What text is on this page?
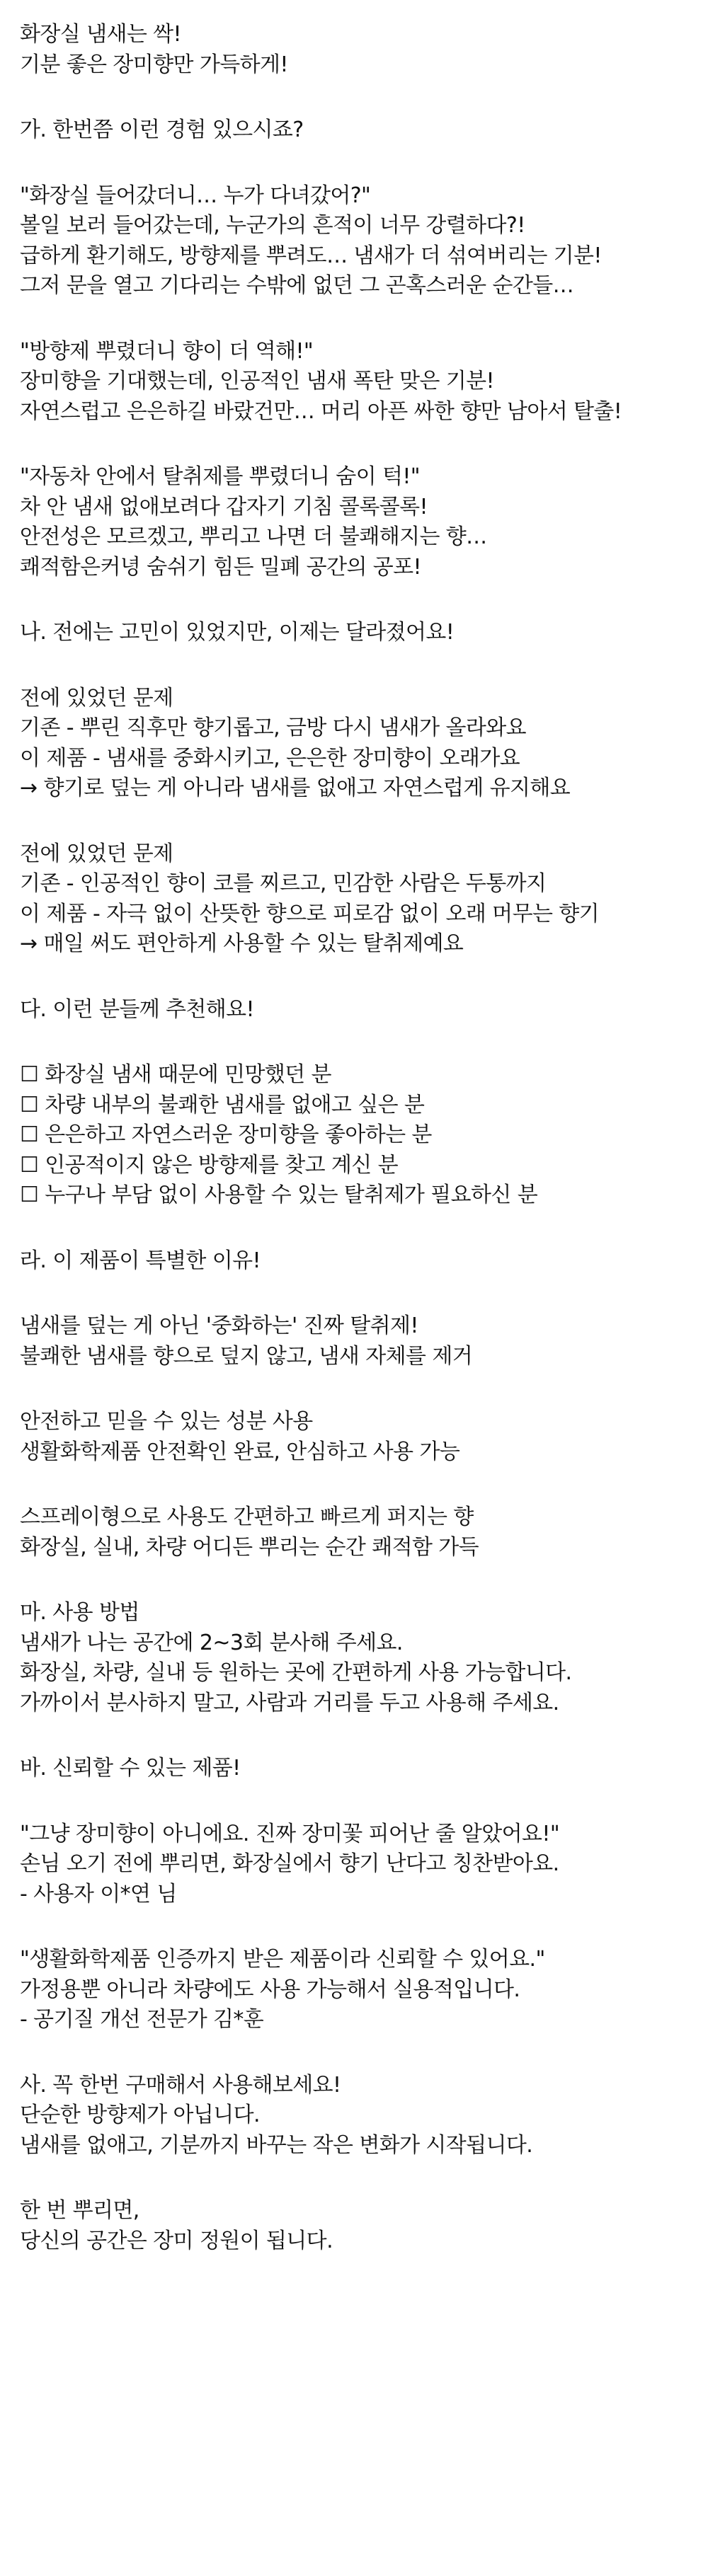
화장실 냄새는 싹!
기분 좋은 장미향만 가득하게!
가. 한번쯤 이런 경험 있으시죠?
"화장실 들어갔더니… 누가 다녀갔어?"
볼일 보러 들어갔는데, 누군가의 흔적이 너무 강렬하다?!
급하게 환기해도, 방향제를 뿌려도… 냄새가 더 섞여버리는 기분!
그저 문을 열고 기다리는 수밖에 없던 그 곤혹스러운 순간들…
"방향제 뿌렸더니 향이 더 역해!"
장미향을 기대했는데, 인공적인 냄새 폭탄 맞은 기분!
자연스럽고 은은하길 바랐건만… 머리 아픈 싸한 향만 남아서 탈출!
"자동차 안에서 탈취제를 뿌렸더니 숨이 턱!"
차 안 냄새 없애보려다 갑자기 기침 콜록콜록!
안전성은 모르겠고, 뿌리고 나면 더 불쾌해지는 향…
쾌적함은커녕 숨쉬기 힘든 밀폐 공간의 공포!
나. 전에는 고민이 있었지만, 이제는 달라졌어요!
전에 있었던 문제
기존 - 뿌린 직후만 향기롭고, 금방 다시 냄새가 올라와요
이 제품 - 냄새를 중화시키고, 은은한 장미향이 오래가요
→ 향기로 덮는 게 아니라 냄새를 없애고 자연스럽게 유지해요
전에 있었던 문제
기존 - 인공적인 향이 코를 찌르고, 민감한 사람은 두통까지
이 제품 - 자극 없이 산뜻한 향으로 피로감 없이 오래 머무는 향기
→ 매일 써도 편안하게 사용할 수 있는 탈취제예요
다. 이런 분들께 추천해요!
☐ 화장실 냄새 때문에 민망했던 분
☐ 차량 내부의 불쾌한 냄새를 없애고 싶은 분
☐ 은은하고 자연스러운 장미향을 좋아하는 분
☐ 인공적이지 않은 방향제를 찾고 계신 분
☐ 누구나 부담 없이 사용할 수 있는 탈취제가 필요하신 분
라. 이 제품이 특별한 이유!
냄새를 덮는 게 아닌 '중화하는' 진짜 탈취제!
불쾌한 냄새를 향으로 덮지 않고, 냄새 자체를 제거
안전하고 믿을 수 있는 성분 사용
생활화학제품 안전확인 완료, 안심하고 사용 가능
스프레이형으로 사용도 간편하고 빠르게 퍼지는 향
화장실, 실내, 차량 어디든 뿌리는 순간 쾌적함 가득
마. 사용 방법
냄새가 나는 공간에 2~3회 분사해 주세요.
화장실, 차량, 실내 등 원하는 곳에 간편하게 사용 가능합니다.
가까이서 분사하지 말고, 사람과 거리를 두고 사용해 주세요.
바. 신뢰할 수 있는 제품!
"그냥 장미향이 아니에요. 진짜 장미꽃 피어난 줄 알았어요!"
손님 오기 전에 뿌리면, 화장실에서 향기 난다고 칭찬받아요.
- 사용자 이*연 님
"생활화학제품 인증까지 받은 제품이라 신뢰할 수 있어요."
가정용뿐 아니라 차량에도 사용 가능해서 실용적입니다.
- 공기질 개선 전문가 김*훈
사. 꼭 한번 구매해서 사용해보세요!
단순한 방향제가 아닙니다.
냄새를 없애고, 기분까지 바꾸는 작은 변화가 시작됩니다.
한 번 뿌리면,
당신의 공간은 장미 정원이 됩니다.
